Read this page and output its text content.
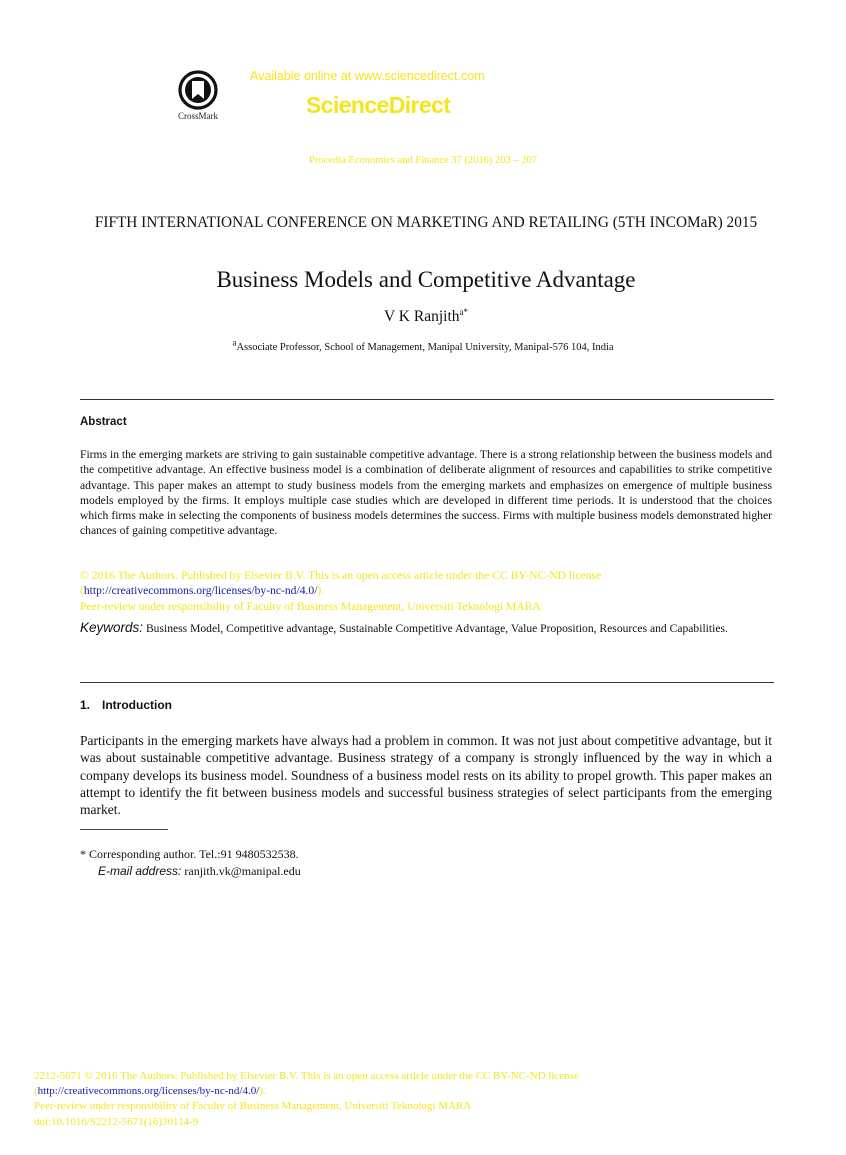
CrossMark
Available online at www.sciencedirect.com
ScienceDirect
Procedia Economics and Finance 37 (2016) 203 – 207
FIFTH INTERNATIONAL CONFERENCE ON MARKETING AND RETAILING (5TH INCOMaR) 2015
Business Models and Competitive Advantage
V K Ranjith$^{a*}$
$^a$Associate Professor, School of Management, Manipal University, Manipal-576 104, India
Abstract
Firms in the emerging markets are striving to gain sustainable competitive advantage. There is a strong relationship between the business models and the competitive advantage. An effective business model is a combination of deliberate alignment of resources and capabilities to strike competitive advantage. This paper makes an attempt to study business models from the emerging markets and emphasizes on emergence of multiple business models employed by the firms. It employs multiple case studies which are developed in different time periods. It is understood that the choices which firms make in selecting the components of business models determines the success. Firms with multiple business models demonstrated higher chances of gaining competitive advantage.
© 2016 The Authors. Published by Elsevier B.V. This is an open access article under the CC BY-NC-ND license
(http://creativecommons.org/licenses/by-nc-nd/4.0/).
Peer-review under responsibility of Faculty of Business Management, Universiti Teknologi MARA
Keywords: Business Model, Competitive advantage, Sustainable Competitive Advantage, Value Proposition, Resources and Capabilities.
1. Introduction
Participants in the emerging markets have always had a problem in common. It was not just about competitive advantage, but it was about sustainable competitive advantage. Business strategy of a company is strongly influenced by the way in which a company develops its business model. Soundness of a business model rests on its ability to propel growth. This paper makes an attempt to identify the fit between business models and successful business strategies of select participants from the emerging market.
* Corresponding author. Tel.:91 9480532538.
E-mail address: ranjith.vk@manipal.edu
2212-5671 © 2016 The Authors. Published by Elsevier B.V. This is an open access article under the CC BY-NC-ND license
(http://creativecommons.org/licenses/by-nc-nd/4.0/).
Peer-review under responsibility of Faculty of Business Management, Universiti Teknologi MARA
doi:10.1016/S2212-5671(16)30114-9
